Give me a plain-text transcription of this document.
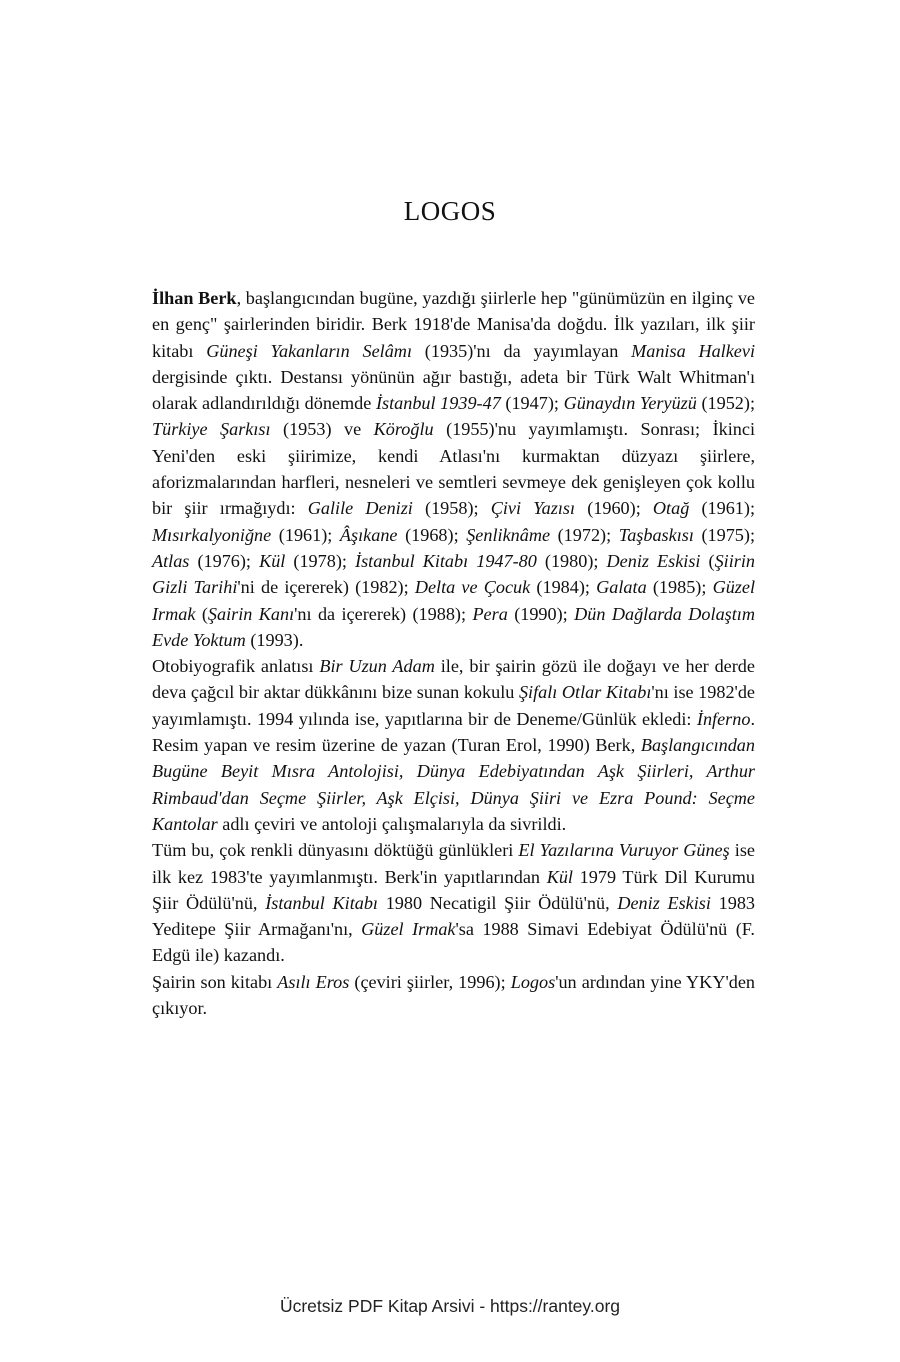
LOGOS

İlhan Berk, başlangıcından bugüne, yazdığı şiirlerle hep "günümüzün en ilginç ve en genç" şairlerinden biridir. Berk 1918'de Manisa'da doğdu. İlk yazıları, ilk şiir kitabı Güneşi Yakanların Selâmı (1935)'nı da yayımlayan Manisa Halkevi dergisinde çıktı. Destansı yönünün ağır bastığı, adeta bir Türk Walt Whitman'ı olarak adlandırıldığı dönemde İstanbul 1939-47 (1947); Günaydın Yeryüzü (1952); Türkiye Şarkısı (1953) ve Köroğlu (1955)'nu yayımlamıştı. Sonrası; İkinci Yeni'den eski şiirimize, kendi Atlası'nı kurmaktan düzyazı şiirlere, aforizmalarından harfleri, nesneleri ve semtleri sevmeye dek genişleyen çok kollu bir şiir ırmağıydı: Galile Denizi (1958); Çivi Yazısı (1960); Otağ (1961); Mısırkalyoniğne (1961); Âşıkane (1968); Şenliknâme (1972); Taşbaskısı (1975); Atlas (1976); Kül (1978); İstanbul Kitabı 1947-80 (1980); Deniz Eskisi (Şiirin Gizli Tarihi'ni de içererek) (1982); Delta ve Çocuk (1984); Galata (1985); Güzel Irmak (Şairin Kanı'nı da içererek) (1988); Pera (1990); Dün Dağlarda Dolaştım Evde Yoktum (1993).

Otobiyografik anlatısı Bir Uzun Adam ile, bir şairin gözü ile doğayı ve her derde deva çağcıl bir aktar dükkânını bize sunan kokulu Şifalı Otlar Kitabı'nı ise 1982'de yayımlamıştı. 1994 yılında ise, yapıtlarına bir de Deneme/Günlük ekledi: İnferno. Resim yapan ve resim üzerine de yazan (Turan Erol, 1990) Berk, Başlangıcından Bugüne Beyit Mısra Antolojisi, Dünya Edebiyatından Aşk Şiirleri, Arthur Rimbaud'dan Seçme Şiirler, Aşk Elçisi, Dünya Şiiri ve Ezra Pound: Seçme Kantolar adlı çeviri ve antoloji çalışmalarıyla da sivrildi.

Tüm bu, çok renkli dünyasını döktüğü günlükleri El Yazılarına Vuruyor Güneş ise ilk kez 1983'te yayımlanmıştı. Berk'in yapıtlarından Kül 1979 Türk Dil Kurumu Şiir Ödülü'nü, İstanbul Kitabı 1980 Necatigil Şiir Ödülü'nü, Deniz Eskisi 1983 Yeditepe Şiir Armağanı'nı, Güzel Irmak'sa 1988 Simavi Edebiyat Ödülü'nü (F. Edgü ile) kazandı.

Şairin son kitabı Asılı Eros (çeviri şiirler, 1996); Logos'un ardından yine YKY'den çıkıyor.

Ücretsiz PDF Kitap Arsivi - https://rantey.org
